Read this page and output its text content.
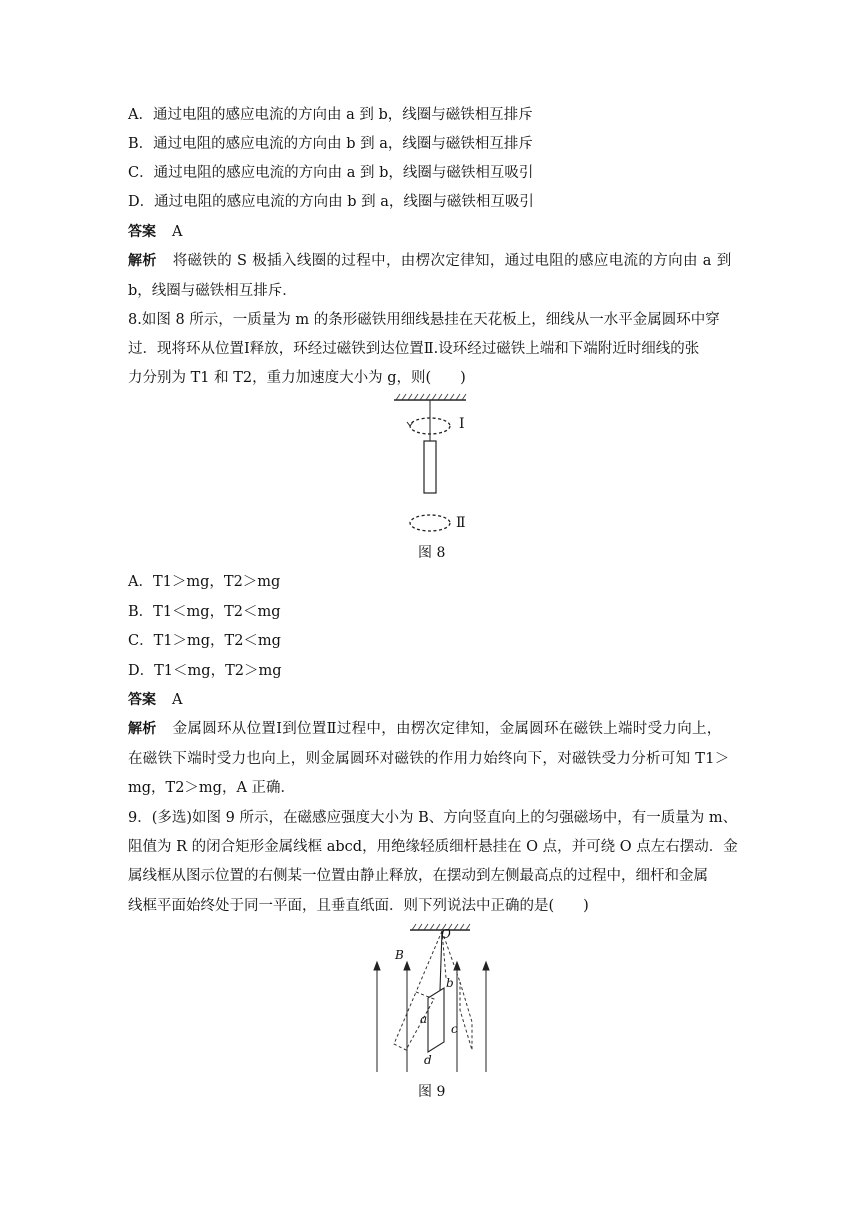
A．通过电阻的感应电流的方向由 a 到 b，线圈与磁铁相互排斥
B．通过电阻的感应电流的方向由 b 到 a，线圈与磁铁相互排斥
C．通过电阻的感应电流的方向由 a 到 b，线圈与磁铁相互吸引
D．通过电阻的感应电流的方向由 b 到 a，线圈与磁铁相互吸引
答案 A
解析 将磁铁的 S 极插入线圈的过程中，由楞次定律知，通过电阻的感应电流的方向由 a 到
b，线圈与磁铁相互排斥．
8.如图 8 所示，一质量为 m 的条形磁铁用细线悬挂在天花板上，细线从一水平金属圆环中穿
过．现将环从位置Ⅰ释放，环经过磁铁到达位置Ⅱ.设环经过磁铁上端和下端附近时细线的张
力分别为 T1 和 T2，重力加速度大小为 g，则(　　)
Ⅰ
Ⅱ
图 8
A．T1＞mg，T2＞mg
B．T1＜mg，T2＜mg
C．T1＞mg，T2＜mg
D．T1＜mg，T2＞mg
答案 A
解析 金属圆环从位置Ⅰ到位置Ⅱ过程中，由楞次定律知，金属圆环在磁铁上端时受力向上，
在磁铁下端时受力也向上，则金属圆环对磁铁的作用力始终向下，对磁铁受力分析可知 T1＞
mg，T2＞mg，A 正确．
9．(多选)如图 9 所示，在磁感应强度大小为 B、方向竖直向上的匀强磁场中，有一质量为 m、
阻值为 R 的闭合矩形金属线框 abcd，用绝缘轻质细杆悬挂在 O 点，并可绕 O 点左右摆动．金
属线框从图示位置的右侧某一位置由静止释放，在摆动到左侧最高点的过程中，细杆和金属
线框平面始终处于同一平面，且垂直纸面．则下列说法中正确的是(　　)
O
B
b
a
c
d
图 9
